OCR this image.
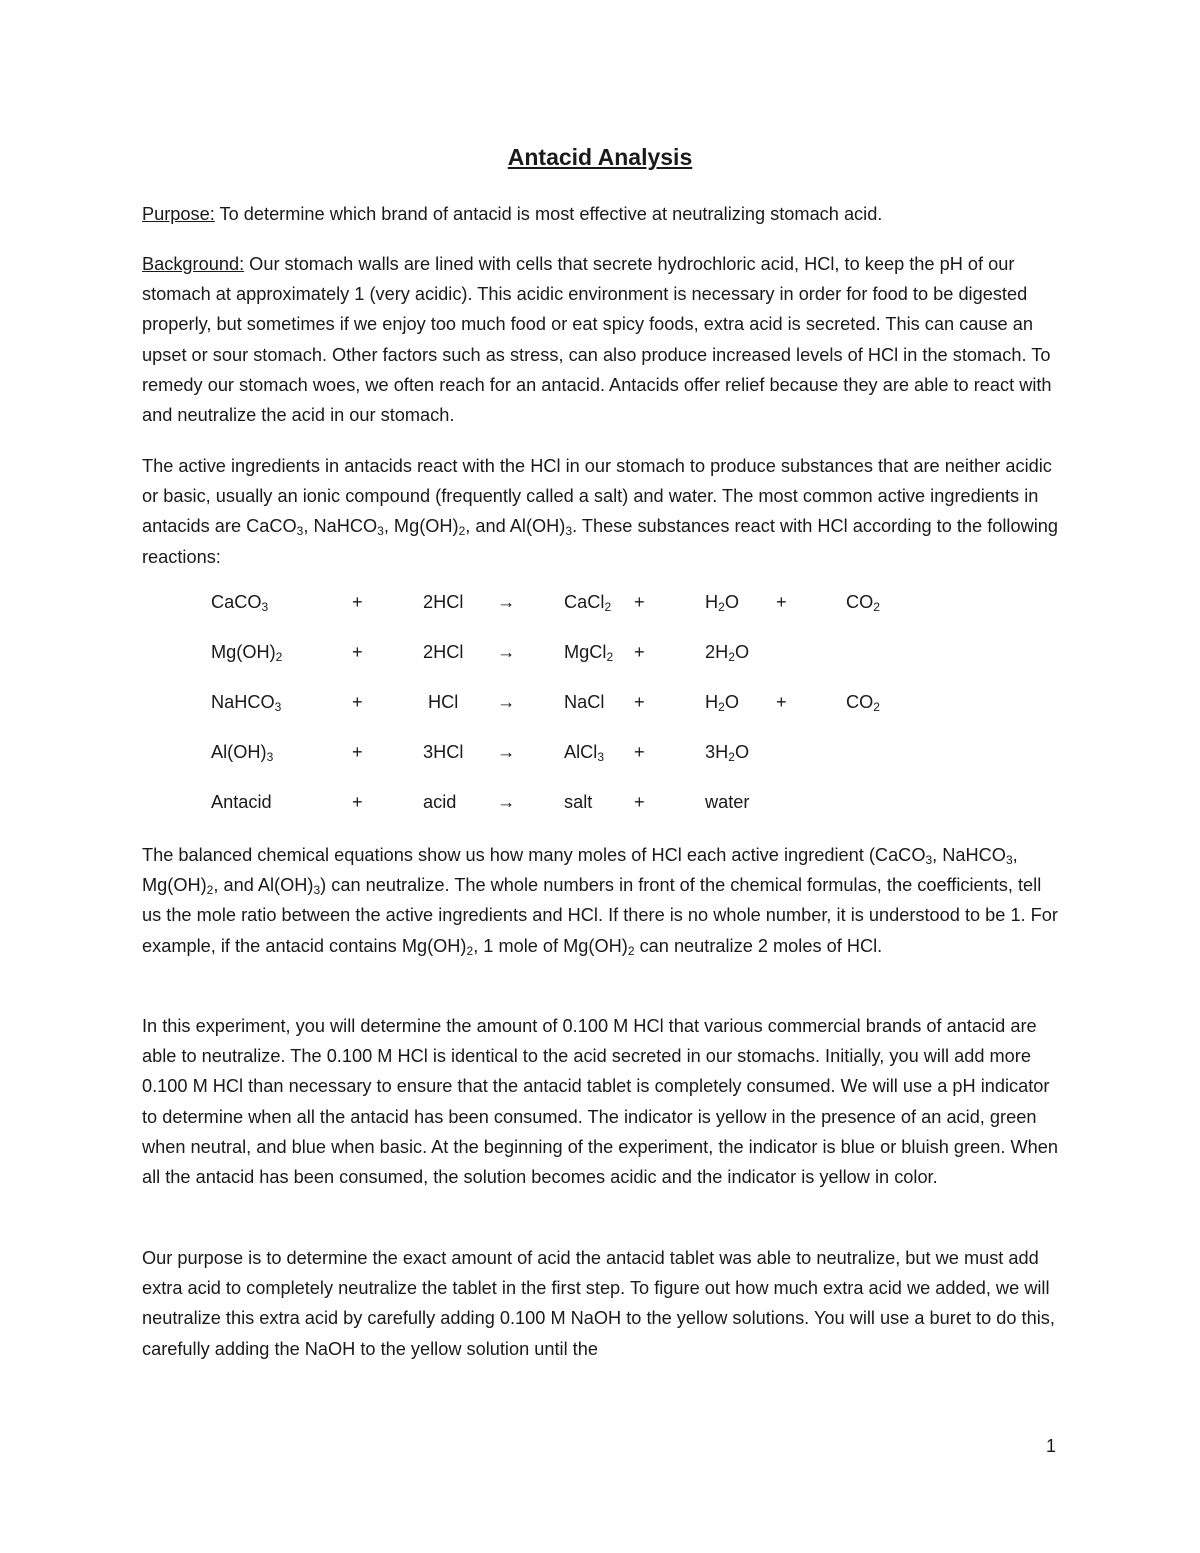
Antacid Analysis

Purpose: To determine which brand of antacid is most effective at neutralizing stomach acid.

Background: Our stomach walls are lined with cells that secrete hydrochloric acid, HCl, to keep the pH of our stomach at approximately 1 (very acidic). This acidic environment is necessary in order for food to be digested properly, but sometimes if we enjoy too much food or eat spicy foods, extra acid is secreted. This can cause an upset or sour stomach. Other factors such as stress, can also produce increased levels of HCl in the stomach. To remedy our stomach woes, we often reach for an antacid. Antacids offer relief because they are able to react with and neutralize the acid in our stomach.

The active ingredients in antacids react with the HCl in our stomach to produce substances that are neither acidic or basic, usually an ionic compound (frequently called a salt) and water. The most common active ingredients in antacids are CaCO$_3$, NaHCO$_3$, $Mg(OH)_2$, and $Al(OH)_3$. These substances react with HCl according to the following reactions:

CaCO$_3$	+	2HCl →	CaCl$_2$ +	$H_2O$ +	$CO_2$
$Mg(OH)_2$	+	2HCl →	MgCl$_2$ +	$2H_2O$
NaHCO$_3$	+	HCl →	NaCl +	$H_2O$ +	$CO_2$
$Al(OH)_3$	+	3HCl →	AlCl$_3$ +	$3H_2O$
Antacid	+	acid →	salt +	water

The balanced chemical equations show us how many moles of HCl each active ingredient (CaCO$_3$, NaHCO$_3$, $Mg(OH)_2$, and $Al(OH)_3$) can neutralize. The whole numbers in front of the chemical formulas, the coefficients, tell us the mole ratio between the active ingredients and HCl. If there is no whole number, it is understood to be 1. For example, if the antacid contains $Mg(OH)_2$, 1 mole of $Mg(OH)_2$ can neutralize 2 moles of HCl.

In this experiment, you will determine the amount of 0.100 M HCl that various commercial brands of antacid are able to neutralize. The 0.100 M HCl is identical to the acid secreted in our stomachs. Initially, you will add more 0.100 M HCl than necessary to ensure that the antacid tablet is completely consumed. We will use a pH indicator to determine when all the antacid has been consumed. The indicator is yellow in the presence of an acid, green when neutral, and blue when basic. At the beginning of the experiment, the indicator is blue or bluish green. When all the antacid has been consumed, the solution becomes acidic and the indicator is yellow in color.

Our purpose is to determine the exact amount of acid the antacid tablet was able to neutralize, but we must add extra acid to completely neutralize the tablet in the first step. To figure out how much extra acid we added, we will neutralize this extra acid by carefully adding 0.100 M NaOH to the yellow solutions. You will use a buret to do this, carefully adding the NaOH to the yellow solution until the

1
